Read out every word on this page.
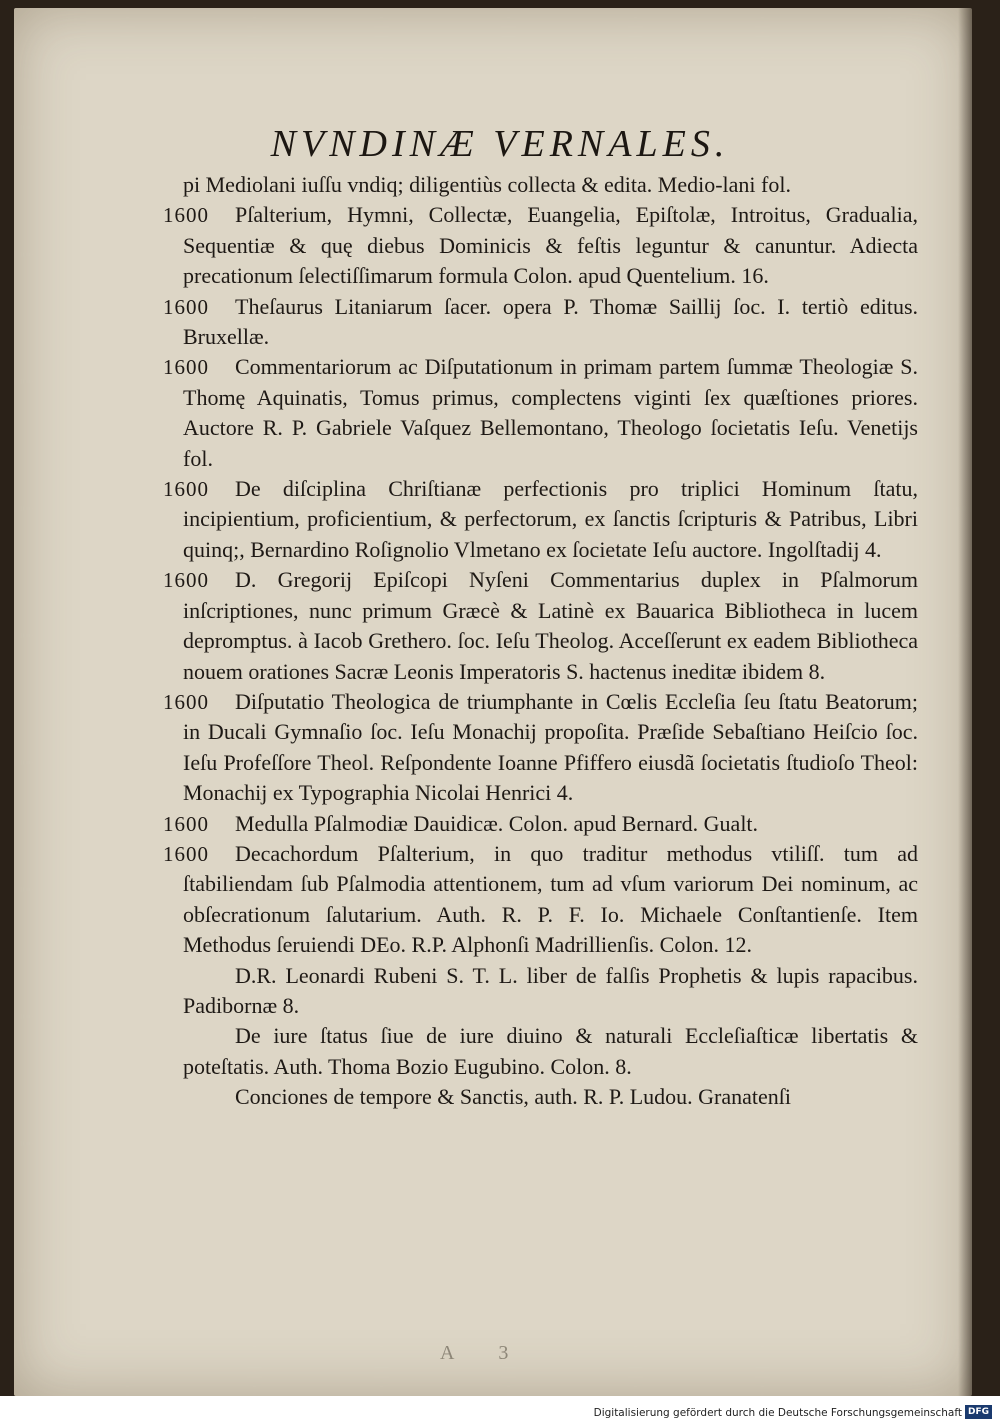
NVNDINÆ VERNALES.
pi Mediolani iuſſu vndiq; diligentiùs collecta & edita. Medio-lani fol.
1600 Pſalterium, Hymni, Collectæ, Euangelia, Epiſtolæ, Introitus, Gradualia, Sequentiæ & quę diebus Dominicis & feſtis leguntur & canuntur. Adiecta precationum ſelectiſſimarum formula Colon. apud Quentelium. 16.
1600 Theſaurus Litaniarum ſacer. opera P. Thomæ Saillij ſoc. I. tertiò editus. Bruxellæ.
1600 Commentariorum ac Diſputationum in primam partem ſummæ Theologiæ S. Thomę Aquinatis, Tomus primus, complectens viginti ſex quæſtiones priores. Auctore R. P. Gabriele Vaſquez Bellemontano, Theologo ſocietatis Ieſu. Venetijs fol.
1600 De diſciplina Chriſtianæ perfectionis pro triplici Hominum ſtatu, incipientium, proficientium, & perfectorum, ex ſanctis ſcripturis & Patribus, Libri quinq;, Bernardino Roſignolio Vlmetano ex ſocietate Ieſu auctore. Ingolſtadij 4.
1600 D. Gregorij Epiſcopi Nyſeni Commentarius duplex in Pſalmorum inſcriptiones, nunc primum Græcè & Latinè ex Bauarica Bibliotheca in lucem depromptus. à Iacob Grethero. ſoc. Ieſu Theolog. Acceſſerunt ex eadem Bibliotheca nouem orationes Sacræ Leonis Imperatoris S. hactenus ineditæ ibidem 8.
1600 Diſputatio Theologica de triumphante in Cœlis Eccleſia ſeu ſtatu Beatorum; in Ducali Gymnaſio ſoc. Ieſu Monachij propoſita. Præſide Sebaſtiano Heiſcio ſoc. Ieſu Profeſſore Theol. Reſpondente Ioanne Pfiffero eiusdã ſocietatis ſtudioſo Theol: Monachij ex Typographia Nicolai Henrici 4.
1600 Medulla Pſalmodiæ Dauidicæ. Colon. apud Bernard. Gualt.
1600 Decachordum Pſalterium, in quo traditur methodus vtiliſſ. tum ad ſtabiliendam ſub Pſalmodia attentionem, tum ad vſum variorum Dei nominum, ac obſecrationum ſalutarium. Auth. R. P. F. Io. Michaele Conſtantienſe. Item Methodus ſeruiendi DEo. R.P. Alphonſi Madrillienſis. Colon. 12.
D.R. Leonardi Rubeni S. T. L. liber de falſis Prophetis & lupis rapacibus. Padibornæ 8.
De iure ſtatus ſiue de iure diuino & naturali Eccleſiaſticæ libertatis & poteſtatis. Auth. Thoma Bozio Eugubino. Colon. 8.
Conciones de tempore & Sanctis, auth. R. P. Ludou. Granatenſi
A 3
Digitalisierung gefördert durch die Deutsche Forschungsgemeinschaft DFG
